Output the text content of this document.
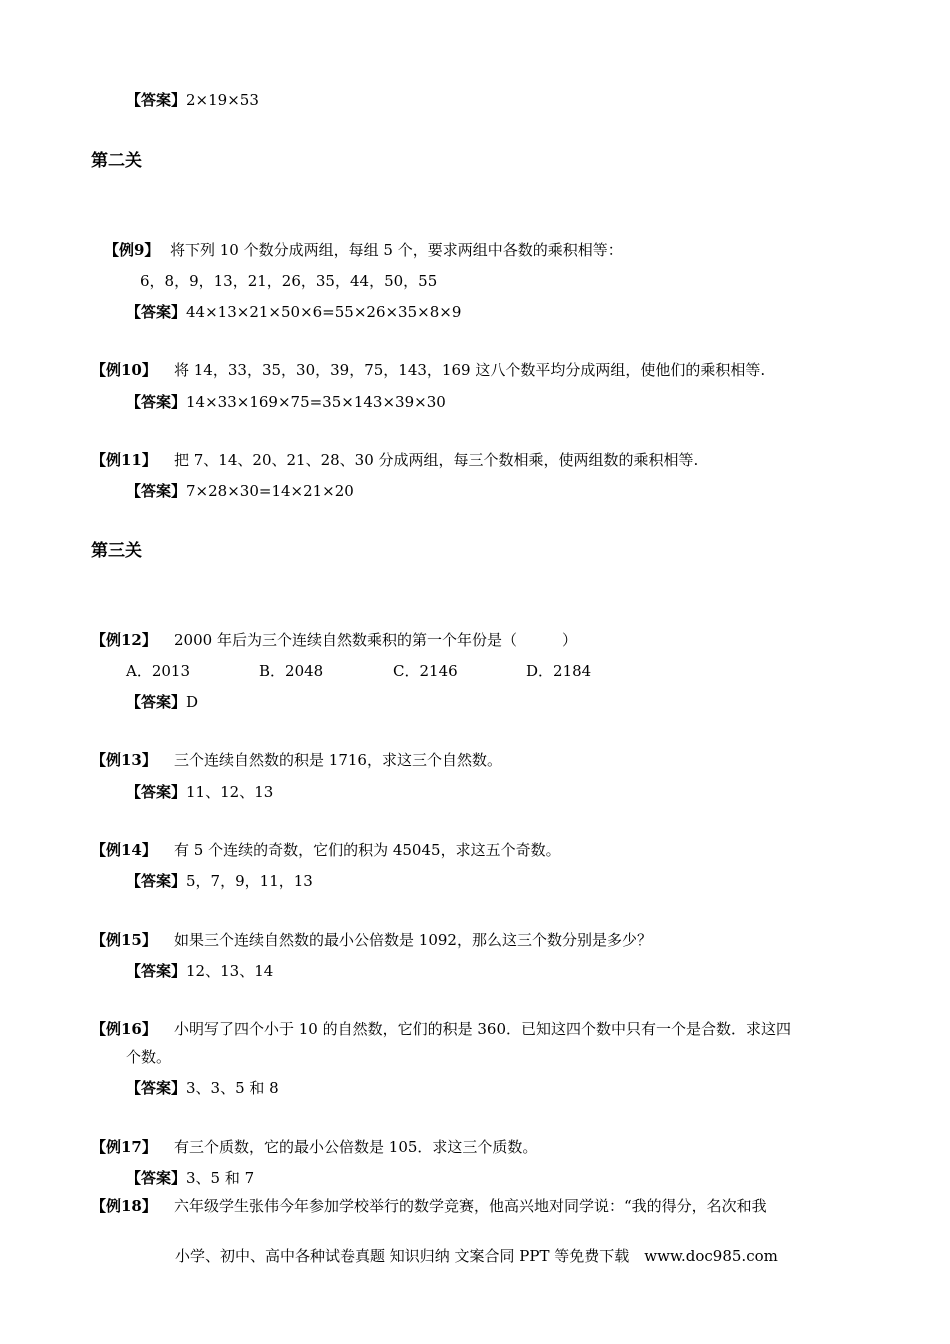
【答案】2×19×53
第二关
【例9】 将下列 10 个数分成两组，每组 5 个，要求两组中各数的乘积相等：
6，8，9，13，21，26，35，44，50，55
【答案】44×13×21×50×6=55×26×35×8×9
【例10】 将 14，33，35，30，39，75，143，169 这八个数平均分成两组，使他们的乘积相等.
【答案】14×33×169×75=35×143×39×30
【例11】 把 7、14、20、21、28、30 分成两组，每三个数相乘，使两组数的乘积相等.
【答案】7×28×30=14×21×20
第三关
【例12】 2000 年后为三个连续自然数乘积的第一个年份是（　　　）
A．2013	B．2048	C．2146	D．2184
【答案】D
【例13】 三个连续自然数的积是 1716，求这三个自然数。
【答案】11、12、13
【例14】 有 5 个连续的奇数，它们的积为 45045，求这五个奇数。
【答案】5，7，9，11，13
【例15】 如果三个连续自然数的最小公倍数是 1092，那么这三个数分别是多少？
【答案】12、13、14
【例16】 小明写了四个小于 10 的自然数，它们的积是 360．已知这四个数中只有一个是合数．求这四
个数。
【答案】3、3、5 和 8
【例17】 有三个质数，它的最小公倍数是 105．求这三个质数。
【答案】3、5 和 7
【例18】 六年级学生张伟今年参加学校举行的数学竞赛，他高兴地对同学说：“我的得分，名次和我
小学、初中、高中各种试卷真题 知识归纳 文案合同 PPT 等免费下载　www.doc985.com
